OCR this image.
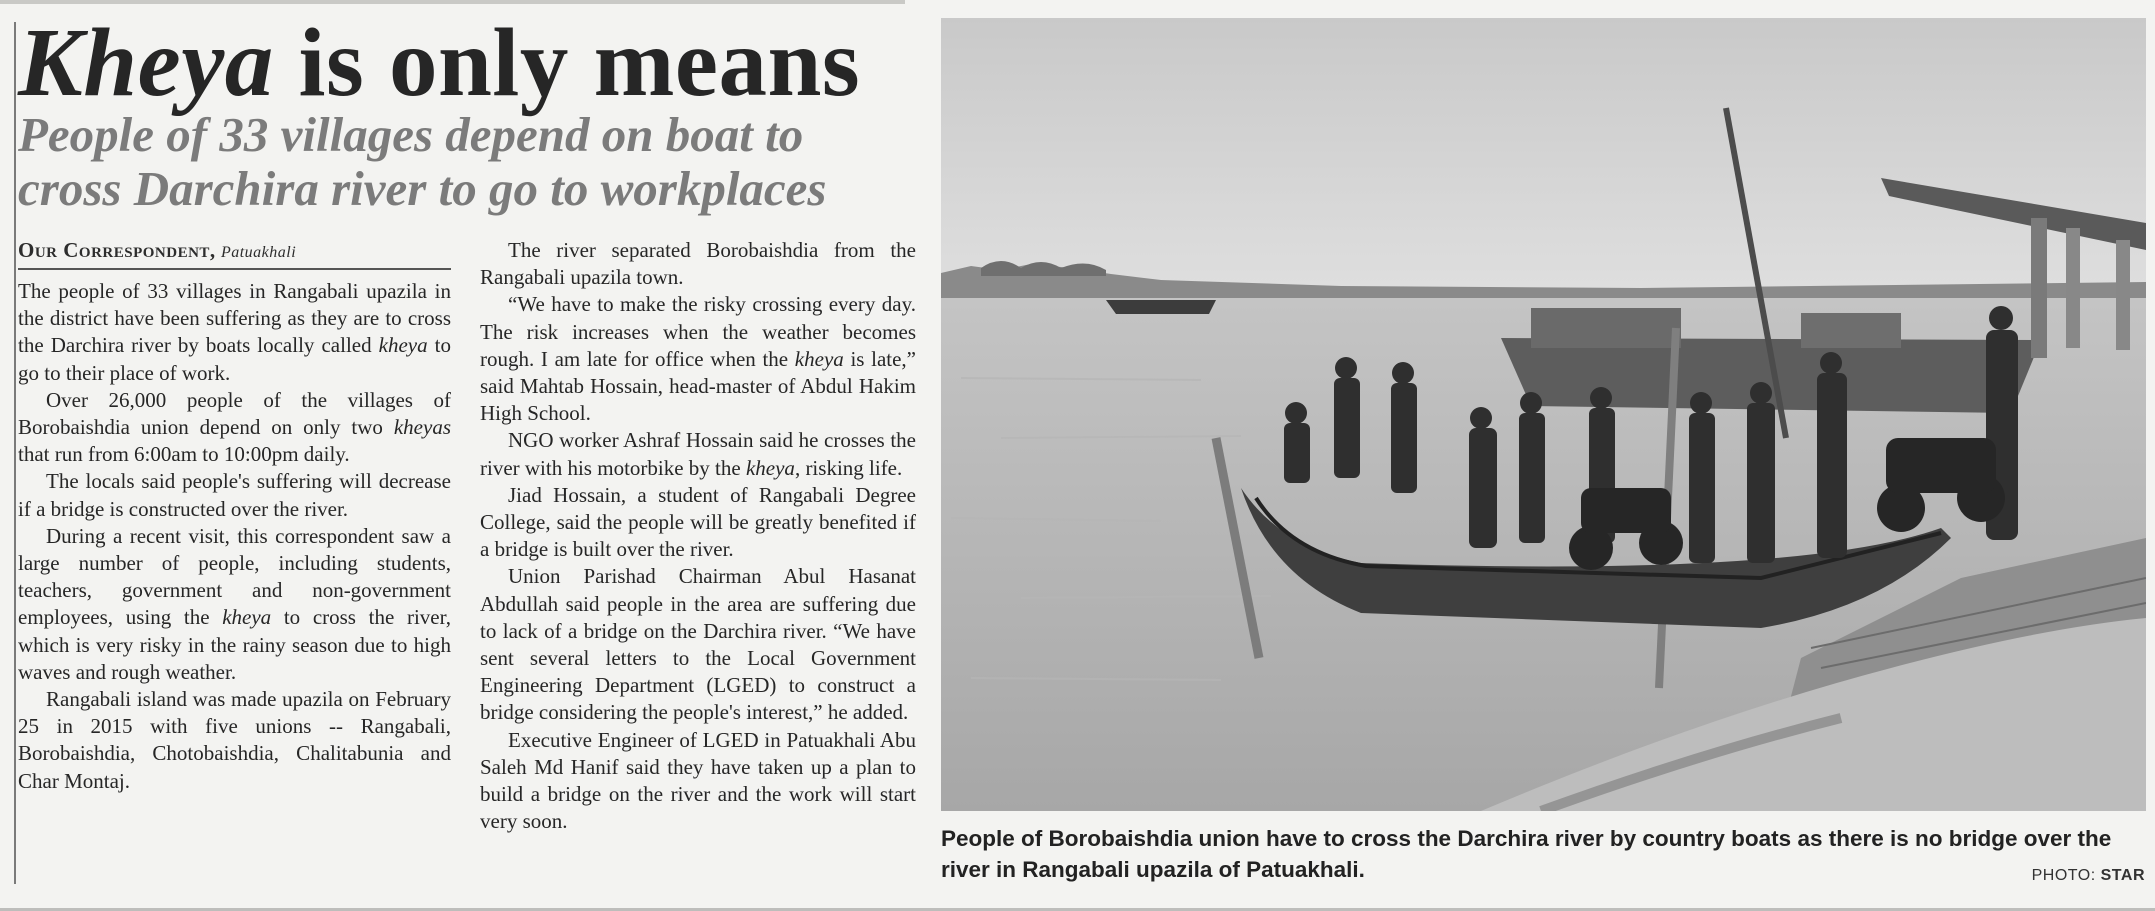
Kheya is only means
People of 33 villages depend on boat to cross Darchira river to go to workplaces
Our Correspondent, Patuakhali

The people of 33 villages in Rangabali upazila in the district have been suffering as they are to cross the Darchira river by boats locally called kheya to go to their place of work.

Over 26,000 people of the villages of Borobaishdia union depend on only two kheyas that run from 6:00am to 10:00pm daily.

The locals said people's suffering will decrease if a bridge is constructed over the river.

During a recent visit, this correspondent saw a large number of people, including students, teachers, government and non-government employees, using the kheya to cross the river, which is very risky in the rainy season due to high waves and rough weather.

Rangabali island was made upazila on February 25 in 2015 with five unions -- Rangabali, Borobaishdia, Chotobaishdia, Chalitabunia and Char Montaj.

The river separated Borobaishdia from the Rangabali upazila town.

“We have to make the risky crossing every day. The risk increases when the weather becomes rough. I am late for office when the kheya is late,” said Mahtab Hossain, head-master of Abdul Hakim High School.

NGO worker Ashraf Hossain said he crosses the river with his motorbike by the kheya, risking life.

Jiad Hossain, a student of Rangabali Degree College, said the people will be greatly benefited if a bridge is built over the river.

Union Parishad Chairman Abul Hasanat Abdullah said people in the area are suffering due to lack of a bridge on the Darchira river. “We have sent several letters to the Local Government Engineering Department (LGED) to construct a bridge considering the people's interest,” he added.

Executive Engineer of LGED in Patuakhali Abu Saleh Md Hanif said they have taken up a plan to build a bridge on the river and the work will start very soon.

People of Borobaishdia union have to cross the Darchira river by country boats as there is no bridge over the river in Rangabali upazila of Patuakhali.	PHOTO: STAR
